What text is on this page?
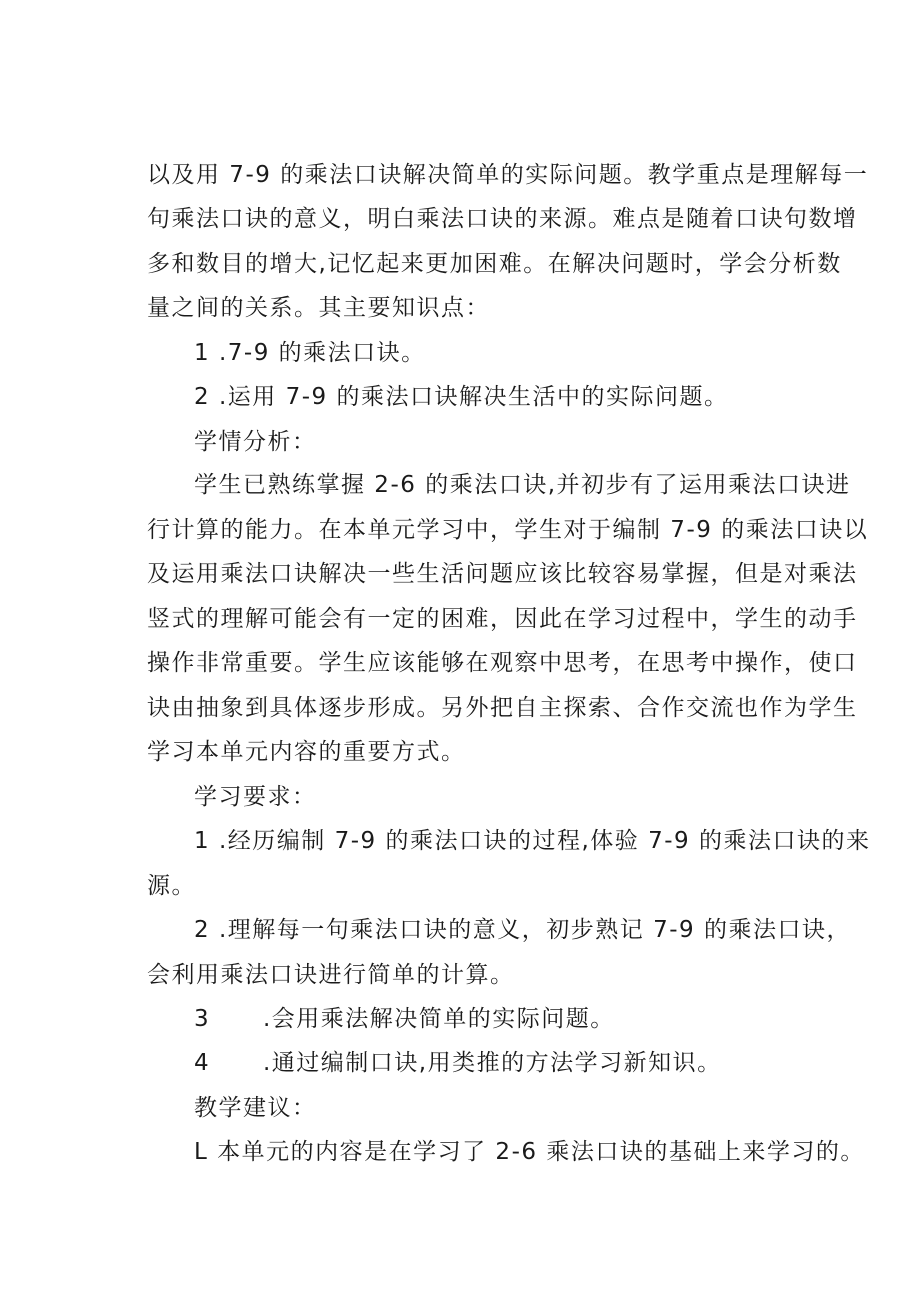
以及用 7-9 的乘法口诀解决简单的实际问题。教学重点是理解每一
句乘法口诀的意义，明白乘法口诀的来源。难点是随着口诀句数增
多和数目的增大,记忆起来更加困难。在解决问题时，学会分析数
量之间的关系。其主要知识点：
1 .7-9 的乘法口诀。
2 .运用 7-9 的乘法口诀解决生活中的实际问题。
学情分析：
学生已熟练掌握 2-6 的乘法口诀,并初步有了运用乘法口诀进
行计算的能力。在本单元学习中，学生对于编制 7-9 的乘法口诀以
及运用乘法口诀解决一些生活问题应该比较容易掌握，但是对乘法
竖式的理解可能会有一定的困难，因此在学习过程中，学生的动手
操作非常重要。学生应该能够在观察中思考，在思考中操作，使口
诀由抽象到具体逐步形成。另外把自主探索、合作交流也作为学生
学习本单元内容的重要方式。
学习要求：
1 .经历编制 7-9 的乘法口诀的过程,体验 7-9 的乘法口诀的来
源。
2 .理解每一句乘法口诀的意义，初步熟记 7-9 的乘法口诀，
会利用乘法口诀进行简单的计算。
3      .会用乘法解决简单的实际问题。
4      .通过编制口诀,用类推的方法学习新知识。
教学建议：
L 本单元的内容是在学习了 2-6 乘法口诀的基础上来学习的。
